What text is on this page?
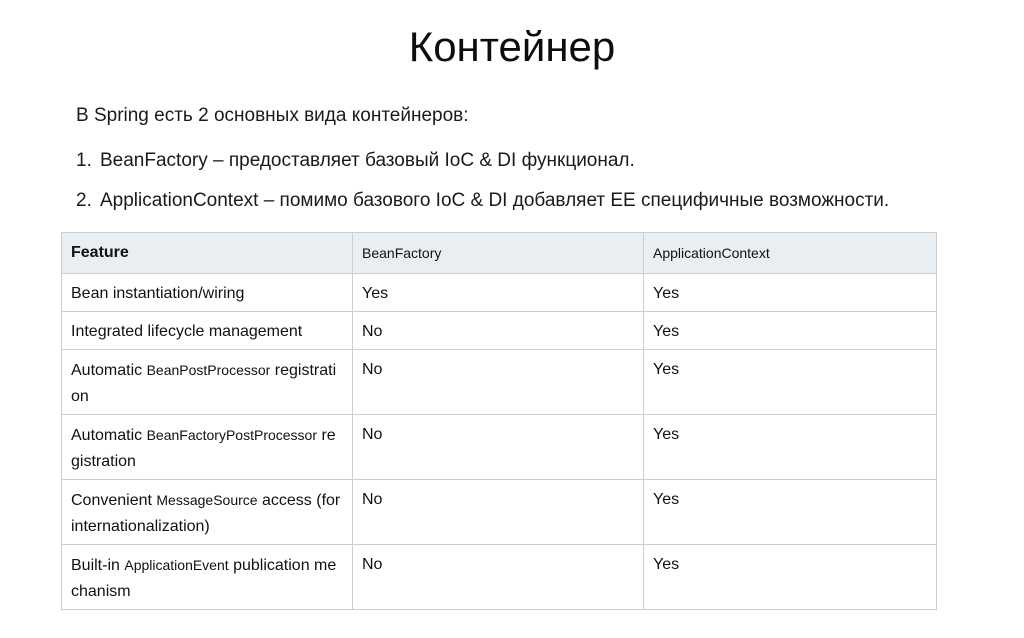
Контейнер
В Spring есть 2 основных вида контейнеров:
1. BeanFactory – предоставляет базовый IoC & DI функционал.
2. ApplicationContext – помимо базового IoC & DI добавляет EE специфичные возможности.
Feature	BeanFactory	ApplicationContext
Bean instantiation/wiring	Yes	Yes
Integrated lifecycle management	No	Yes
Automatic BeanPostProcessor registration	No	Yes
Automatic BeanFactoryPostProcessor registration	No	Yes
Convenient MessageSource access (for internationalization)	No	Yes
Built-in ApplicationEvent publication mechanism	No	Yes
